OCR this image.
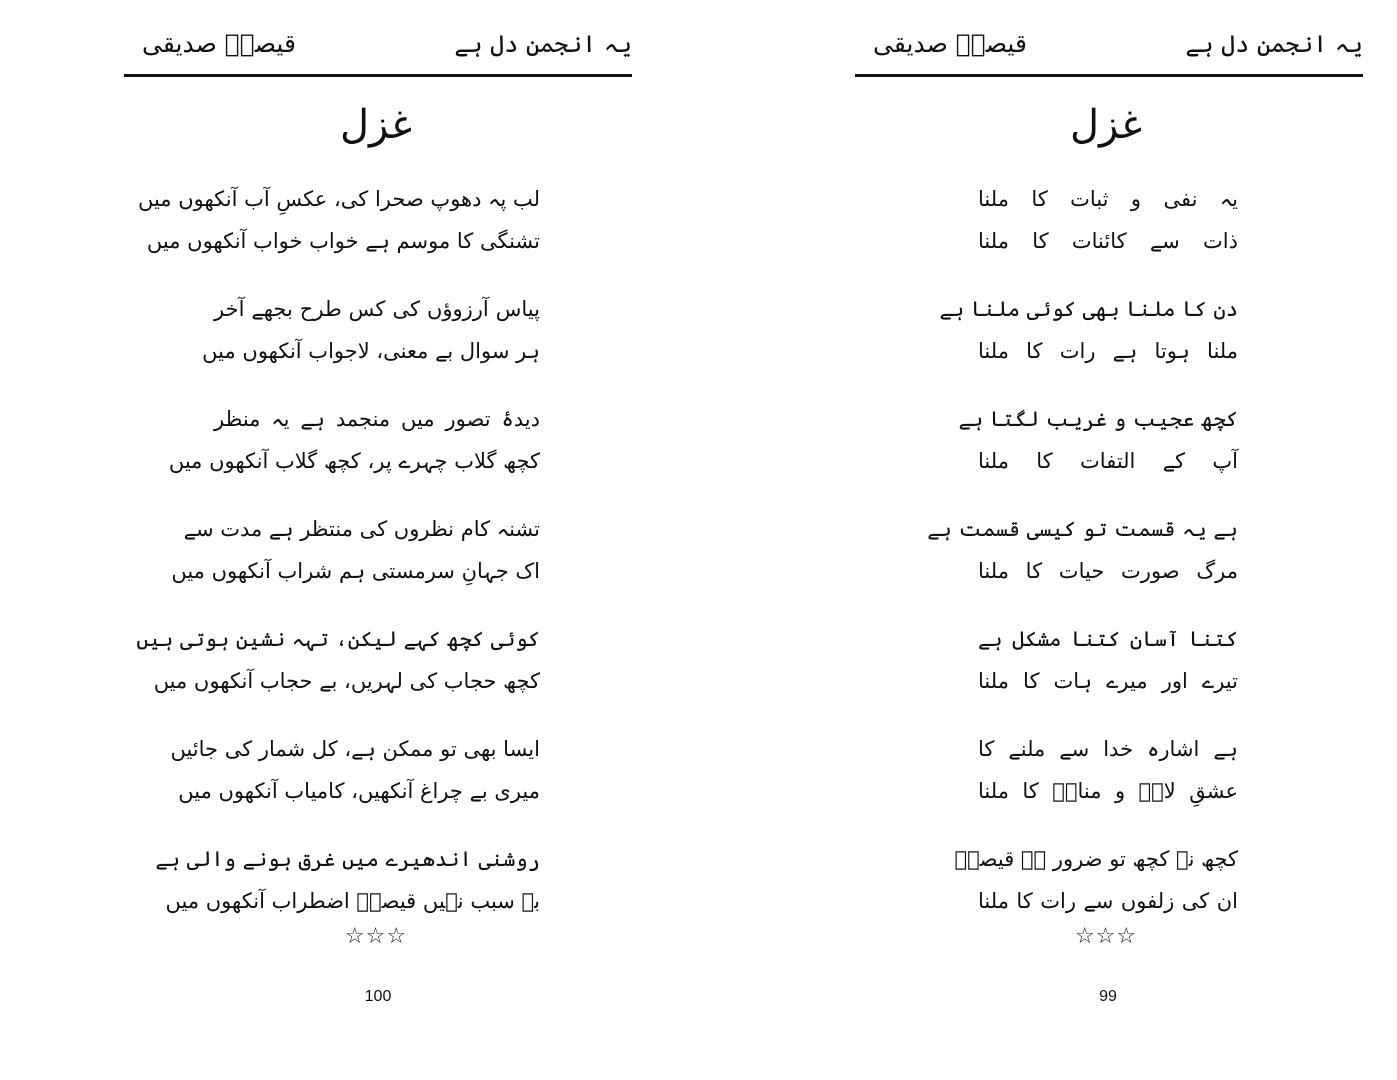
یہ انجمن دل ہے
قیصرؔ صدیقی
غزل
لب پہ دھوپ صحرا کی، عکسِ آب آنکھوں میں
تشنگی کا موسم ہے خواب خواب آنکھوں میں
پیاس آرزوؤں کی کس طرح بجھے آخر
ہر سوال بے معنی، لاجواب آنکھوں میں
دیدۂ تصور میں منجمد ہے یہ منظر
کچھ گلاب چہرے پر، کچھ گلاب آنکھوں میں
تشنہ کام نظروں کی منتظر ہے مدت سے
اک جہانِ سرمستی ہم شراب آنکھوں میں
کوئی کچھ کہے لیکن، تہہ نشین ہوتی ہیں
کچھ حجاب کی لہریں، بے حجاب آنکھوں میں
ایسا بھی تو ممکن ہے، کل شمار کی جائیں
میری بے چراغ آنکھیں، کامیاب آنکھوں میں
روشنی اندھیرے میں غرق ہونے والی ہے
بے سبب نہیں قیصرؔ اضطراب آنکھوں میں
☆☆☆
100
یہ انجمن دل ہے
قیصرؔ صدیقی
غزل
یہ نفی و ثبات کا ملنا
ذات سے کائنات کا ملنا
دن کا ملنا بھی کوئی ملنا ہے
ملنا ہوتا ہے رات کا ملنا
کچھ عجیب و غریب لگتا ہے
آپ کے التفات کا ملنا
ہے یہ قسمت تو کیسی قسمت ہے
مرگ صورت حیات کا ملنا
کتنا آسان کتنا مشکل ہے
تیرے اور میرے ہات کا ملنا
ہے اشارہ خدا سے ملنے کا
عشقِ لاتؔ و مناتؔ کا ملنا
کچھ نہ کچھ تو ضرور ہے قیصرؔ
ان کی زلفوں سے رات کا ملنا
☆☆☆
99
